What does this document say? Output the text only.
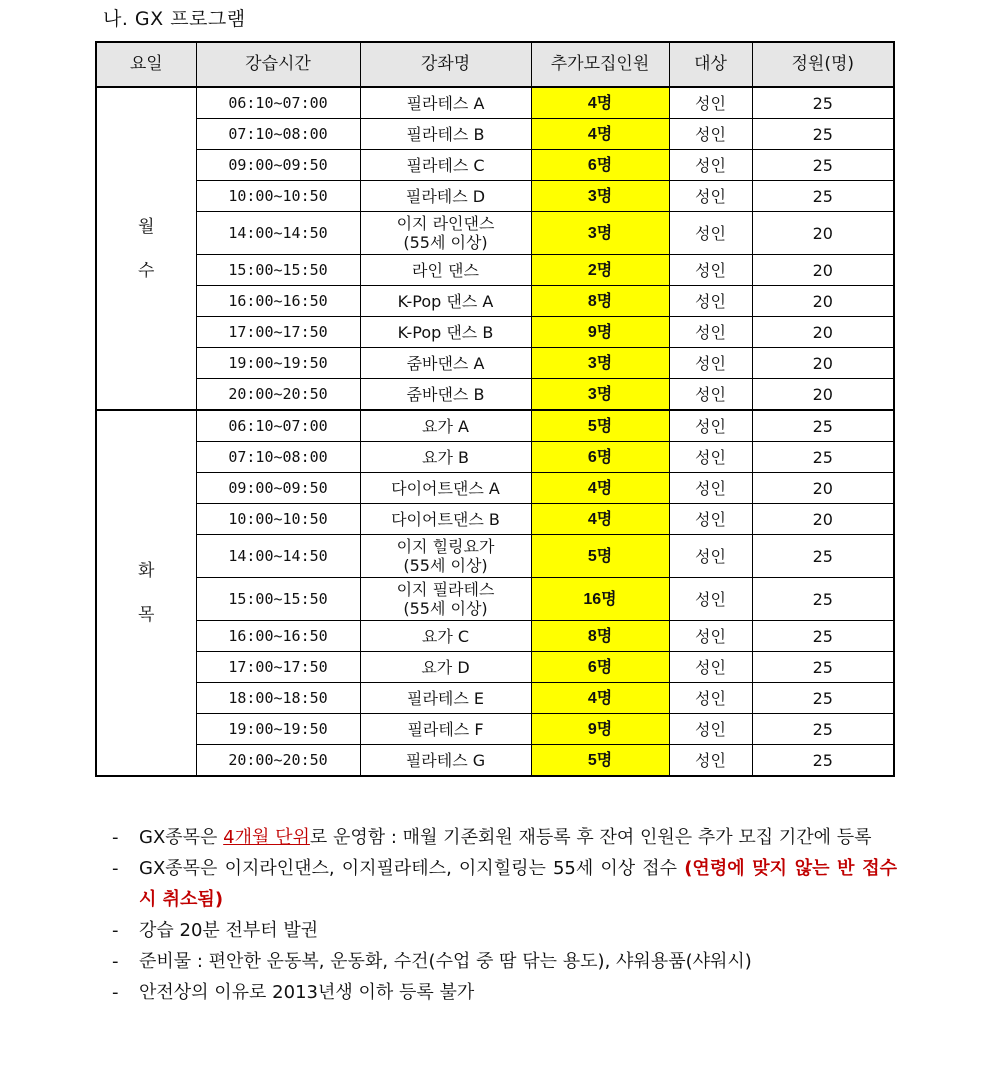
나. GX 프로그램
요일	강습시간	강좌명	추가모집인원	대상	정원(명)

월
수	06:10~07:00	필라테스 A	4명	성인	25
	07:10~08:00	필라테스 B	4명	성인	25
	09:00~09:50	필라테스 C	6명	성인	25
	10:00~10:50	필라테스 D	3명	성인	25
	14:00~14:50	이지 라인댄스
(55세 이상)	3명	성인	20
	15:00~15:50	라인 댄스	2명	성인	20
	16:00~16:50	K-Pop 댄스 A	8명	성인	20
	17:00~17:50	K-Pop 댄스 B	9명	성인	20
	19:00~19:50	줌바댄스 A	3명	성인	20
	20:00~20:50	줌바댄스 B	3명	성인	20

화
목	06:10~07:00	요가 A	5명	성인	25
	07:10~08:00	요가 B	6명	성인	25
	09:00~09:50	다이어트댄스 A	4명	성인	20
	10:00~10:50	다이어트댄스 B	4명	성인	20
	14:00~14:50	이지 힐링요가
(55세 이상)	5명	성인	25
	15:00~15:50	이지 필라테스
(55세 이상)	16명	성인	25
	16:00~16:50	요가 C	8명	성인	25
	17:00~17:50	요가 D	6명	성인	25
	18:00~18:50	필라테스 E	4명	성인	25
	19:00~19:50	필라테스 F	9명	성인	25
	20:00~20:50	필라테스 G	5명	성인	25
-	GX종목은 4개월 단위로 운영함 : 매월 기존회원 재등록 후 잔여 인원은 추가 모집 기간에 등록
-	GX종목은 이지라인댄스, 이지필라테스, 이지힐링는 55세 이상 접수 (연령에 맞지 않는 반 접수시 취소됨)
-	강습 20분 전부터 발권
-	준비물 : 편안한 운동복, 운동화, 수건(수업 중 땀 닦는 용도), 샤워용품(샤워시)
-	안전상의 이유로 2013년생 이하 등록 불가
